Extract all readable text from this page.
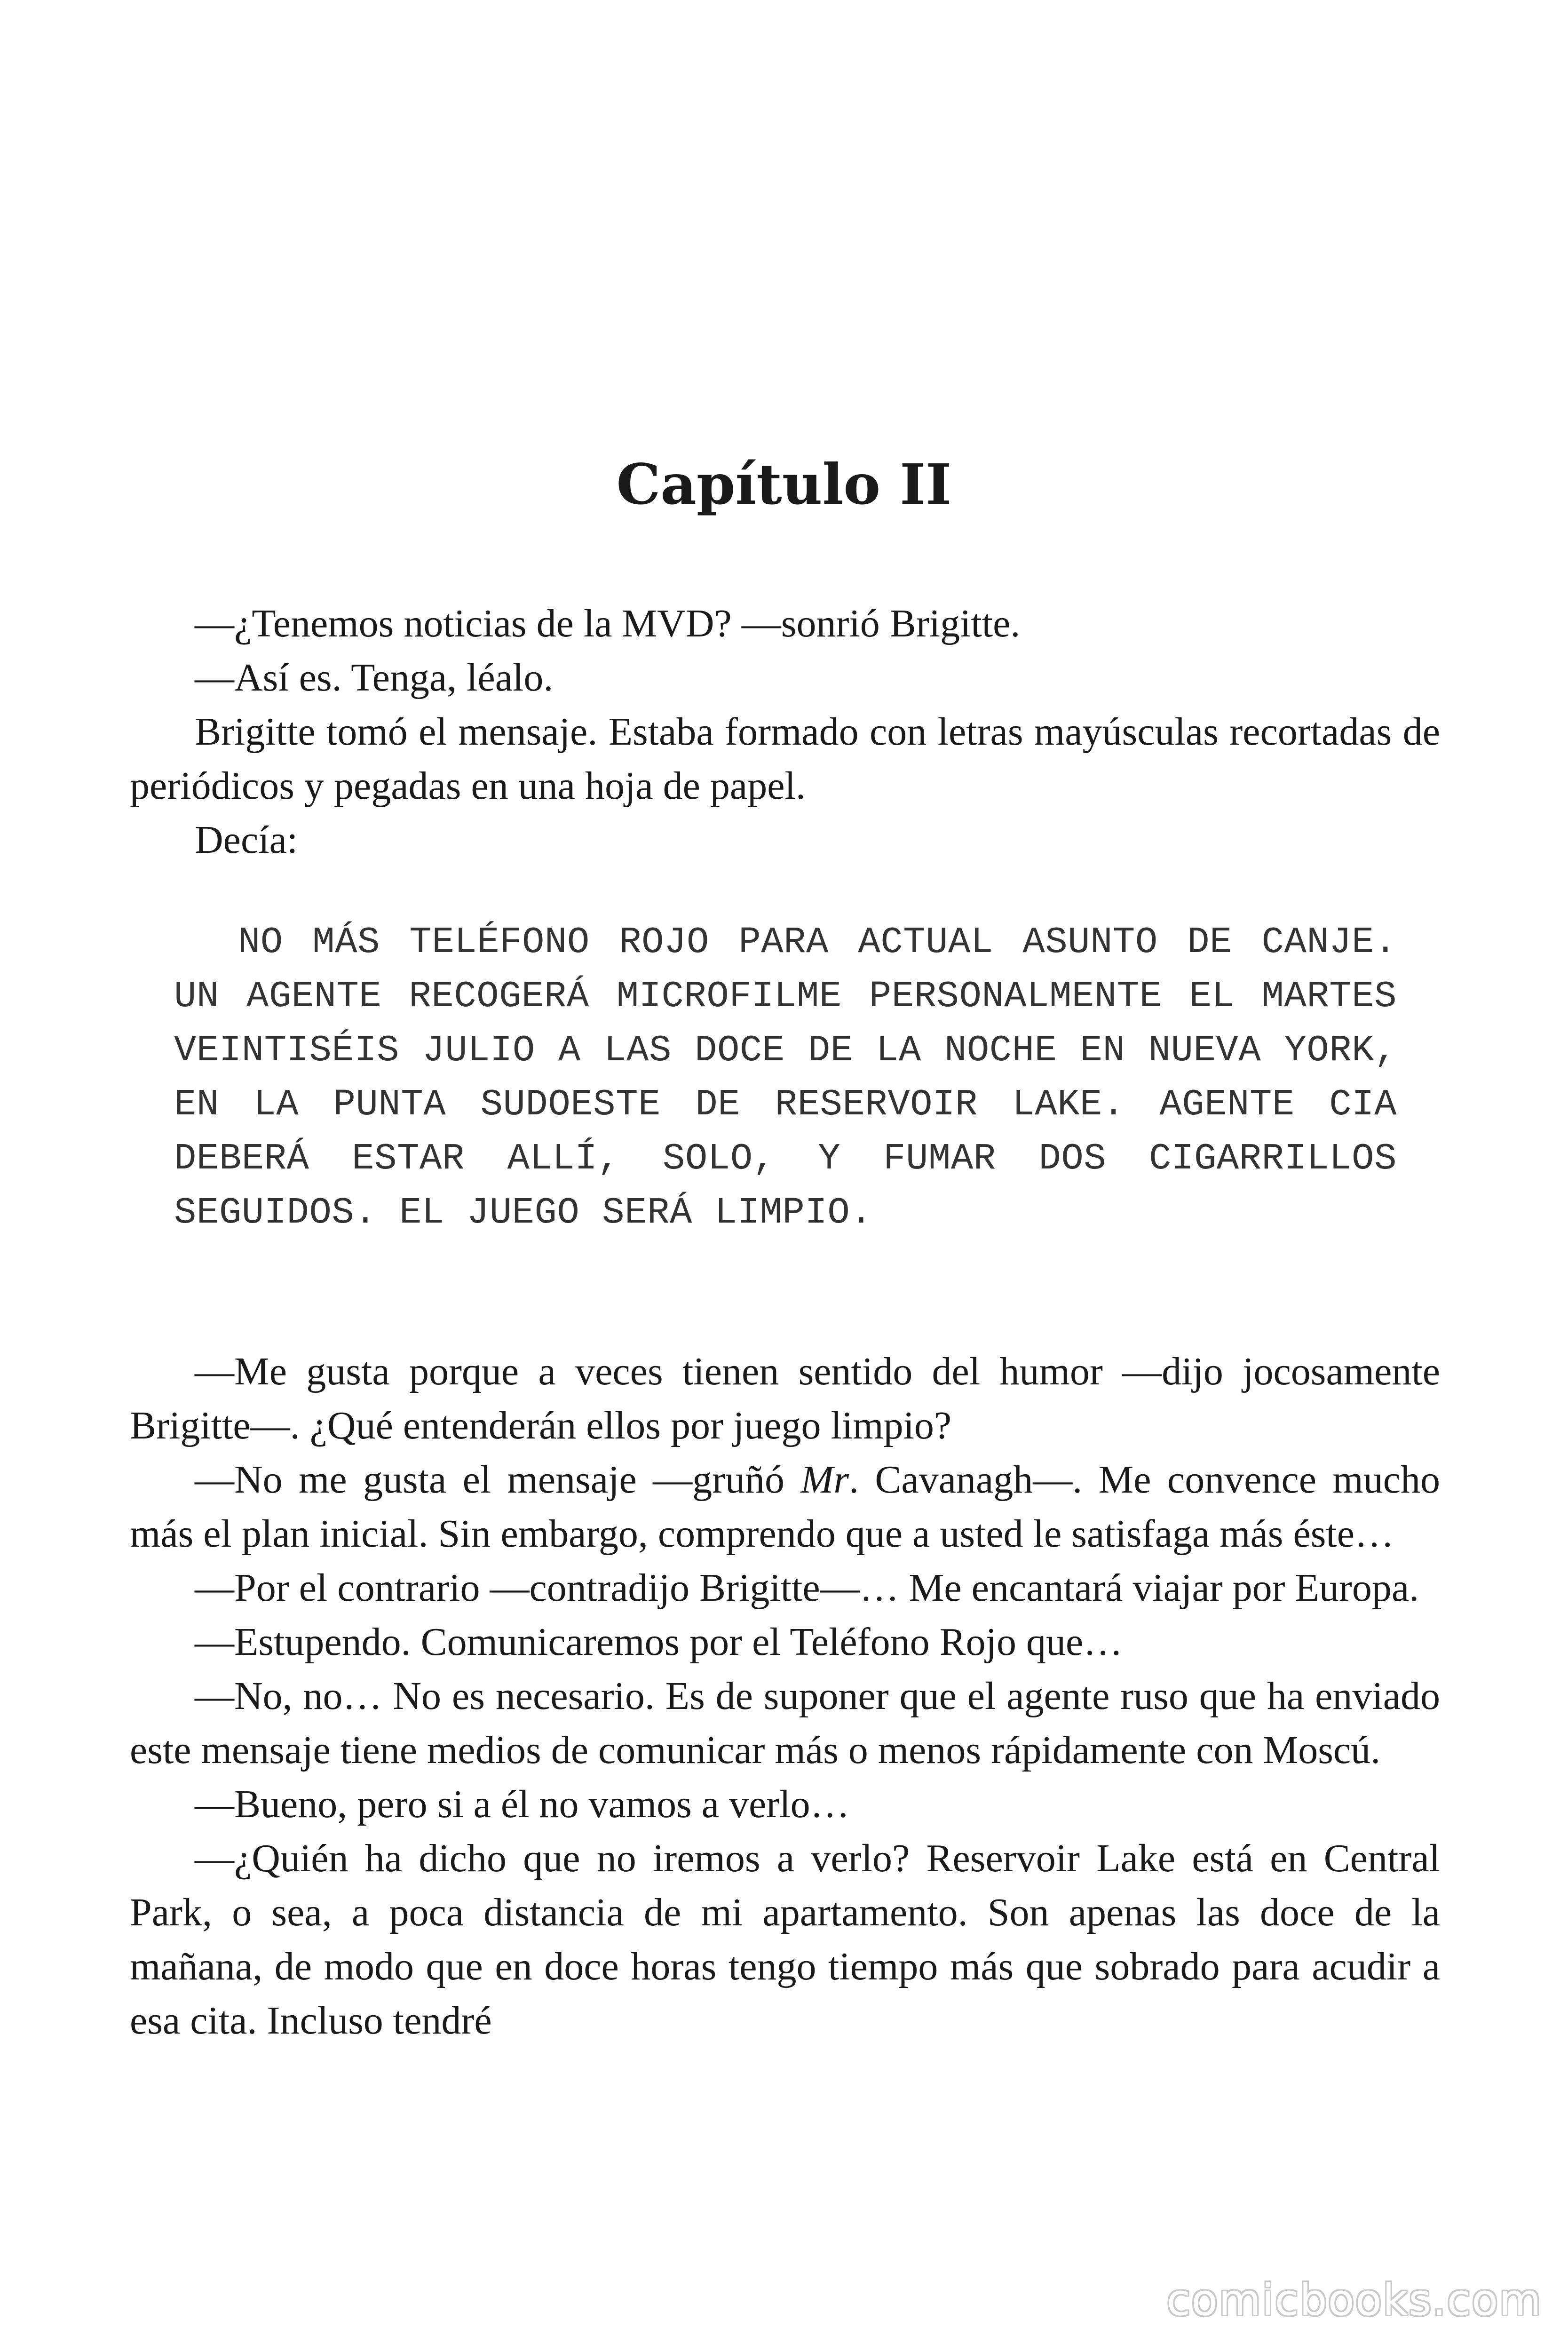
Capítulo II

—¿Tenemos noticias de la MVD? —sonrió Brigitte.

—Así es. Tenga, léalo.

Brigitte tomó el mensaje. Estaba formado con letras mayúsculas recortadas de periódicos y pegadas en una hoja de papel.

Decía:

NO MÁS TELÉFONO ROJO PARA ACTUAL ASUNTO DE CANJE. UN AGENTE RECOGERÁ MICROFILME PERSONALMENTE EL MARTES VEINTISÉIS JULIO A LAS DOCE DE LA NOCHE EN NUEVA YORK, EN LA PUNTA SUDOESTE DE RESERVOIR LAKE. AGENTE CIA DEBERÁ ESTAR ALLÍ, SOLO, Y FUMAR DOS CIGARRILLOS SEGUIDOS. EL JUEGO SERÁ LIMPIO.

—Me gusta porque a veces tienen sentido del humor —dijo jocosamente Brigitte—. ¿Qué entenderán ellos por juego limpio?

—No me gusta el mensaje —gruñó Mr. Cavanagh—. Me convence mucho más el plan inicial. Sin embargo, comprendo que a usted le satisfaga más éste…

—Por el contrario —contradijo Brigitte—… Me encantará viajar por Europa.

—Estupendo. Comunicaremos por el Teléfono Rojo que…

—No, no… No es necesario. Es de suponer que el agente ruso que ha enviado este mensaje tiene medios de comunicar más o menos rápidamente con Moscú.

—Bueno, pero si a él no vamos a verlo…

—¿Quién ha dicho que no iremos a verlo? Reservoir Lake está en Central Park, o sea, a poca distancia de mi apartamento. Son apenas las doce de la mañana, de modo que en doce horas tengo tiempo más que sobrado para acudir a esa cita. Incluso tendré

comicbooks.com
